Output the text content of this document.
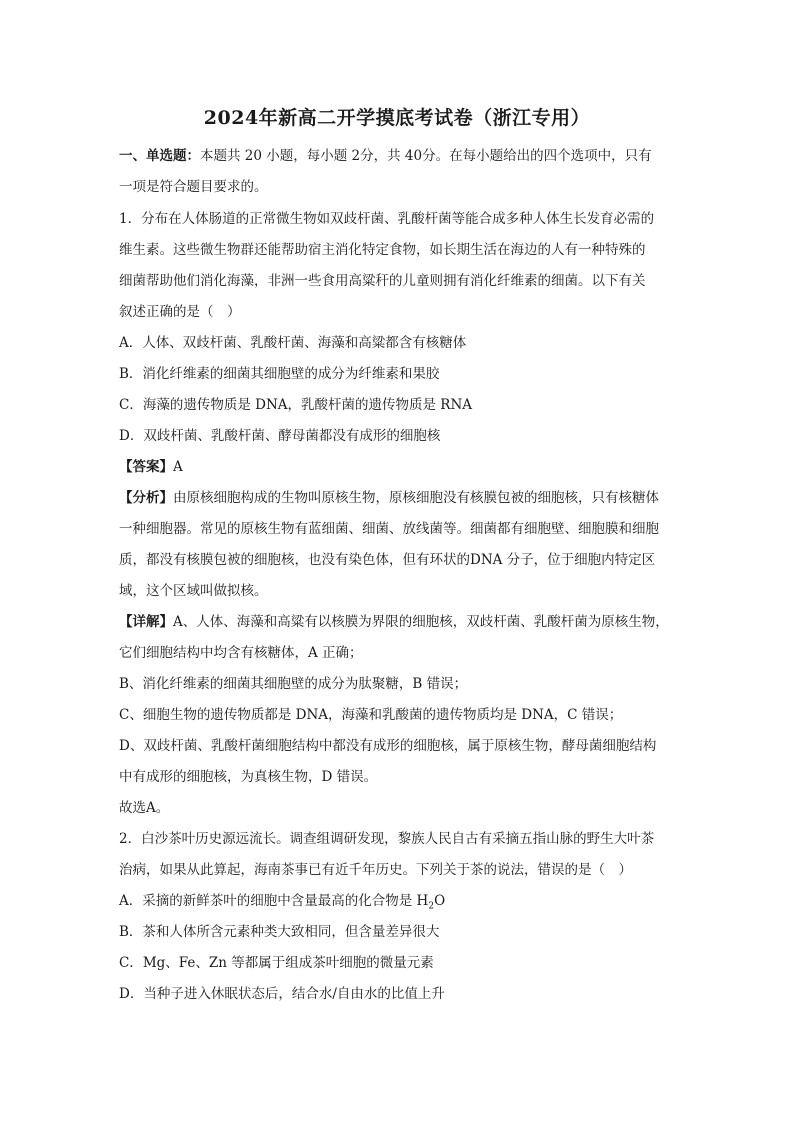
2024年新高二开学摸底考试卷（浙江专用）
一、单选题：本题共 20 小题，每小题 2分，共 40分。在每小题给出的四个选项中，只有
一项是符合题目要求的。
1．分布在人体肠道的正常微生物如双歧杆菌、乳酸杆菌等能合成多种人体生长发育必需的
维生素。这些微生物群还能帮助宿主消化特定食物，如长期生活在海边的人有一种特殊的
细菌帮助他们消化海藻，非洲一些食用高粱秆的儿童则拥有消化纤维素的细菌。以下有关
叙述正确的是（　）
A．人体、双歧杆菌、乳酸杆菌、海藻和高粱都含有核糖体
B．消化纤维素的细菌其细胞壁的成分为纤维素和果胶
C．海藻的遗传物质是 DNA，乳酸杆菌的遗传物质是 RNA
D．双歧杆菌、乳酸杆菌、酵母菌都没有成形的细胞核
【答案】A
【分析】由原核细胞构成的生物叫原核生物，原核细胞没有核膜包被的细胞核，只有核糖体
一种细胞器。常见的原核生物有蓝细菌、细菌、放线菌等。细菌都有细胞壁、细胞膜和细胞
质，都没有核膜包被的细胞核，也没有染色体，但有环状的DNA 分子，位于细胞内特定区
域，这个区域叫做拟核。
【详解】A、人体、海藻和高粱有以核膜为界限的细胞核，双歧杆菌、乳酸杆菌为原核生物，
它们细胞结构中均含有核糖体，A 正确；
B、消化纤维素的细菌其细胞壁的成分为肽聚糖，B 错误；
C、细胞生物的遗传物质都是 DNA，海藻和乳酸菌的遗传物质均是 DNA，C 错误；
D、双歧杆菌、乳酸杆菌细胞结构中都没有成形的细胞核，属于原核生物，酵母菌细胞结构
中有成形的细胞核，为真核生物，D 错误。
故选A。
2．白沙茶叶历史源远流长。调查组调研发现，黎族人民自古有采摘五指山脉的野生大叶茶
治病，如果从此算起，海南茶事已有近千年历史。下列关于茶的说法，错误的是（　）
A．采摘的新鲜茶叶的细胞中含量最高的化合物是 $H_2O$
B．茶和人体所含元素种类大致相同，但含量差异很大
C．Mg、Fe、Zn 等都属于组成茶叶细胞的微量元素
D．当种子进入休眠状态后，结合水/自由水的比值上升
